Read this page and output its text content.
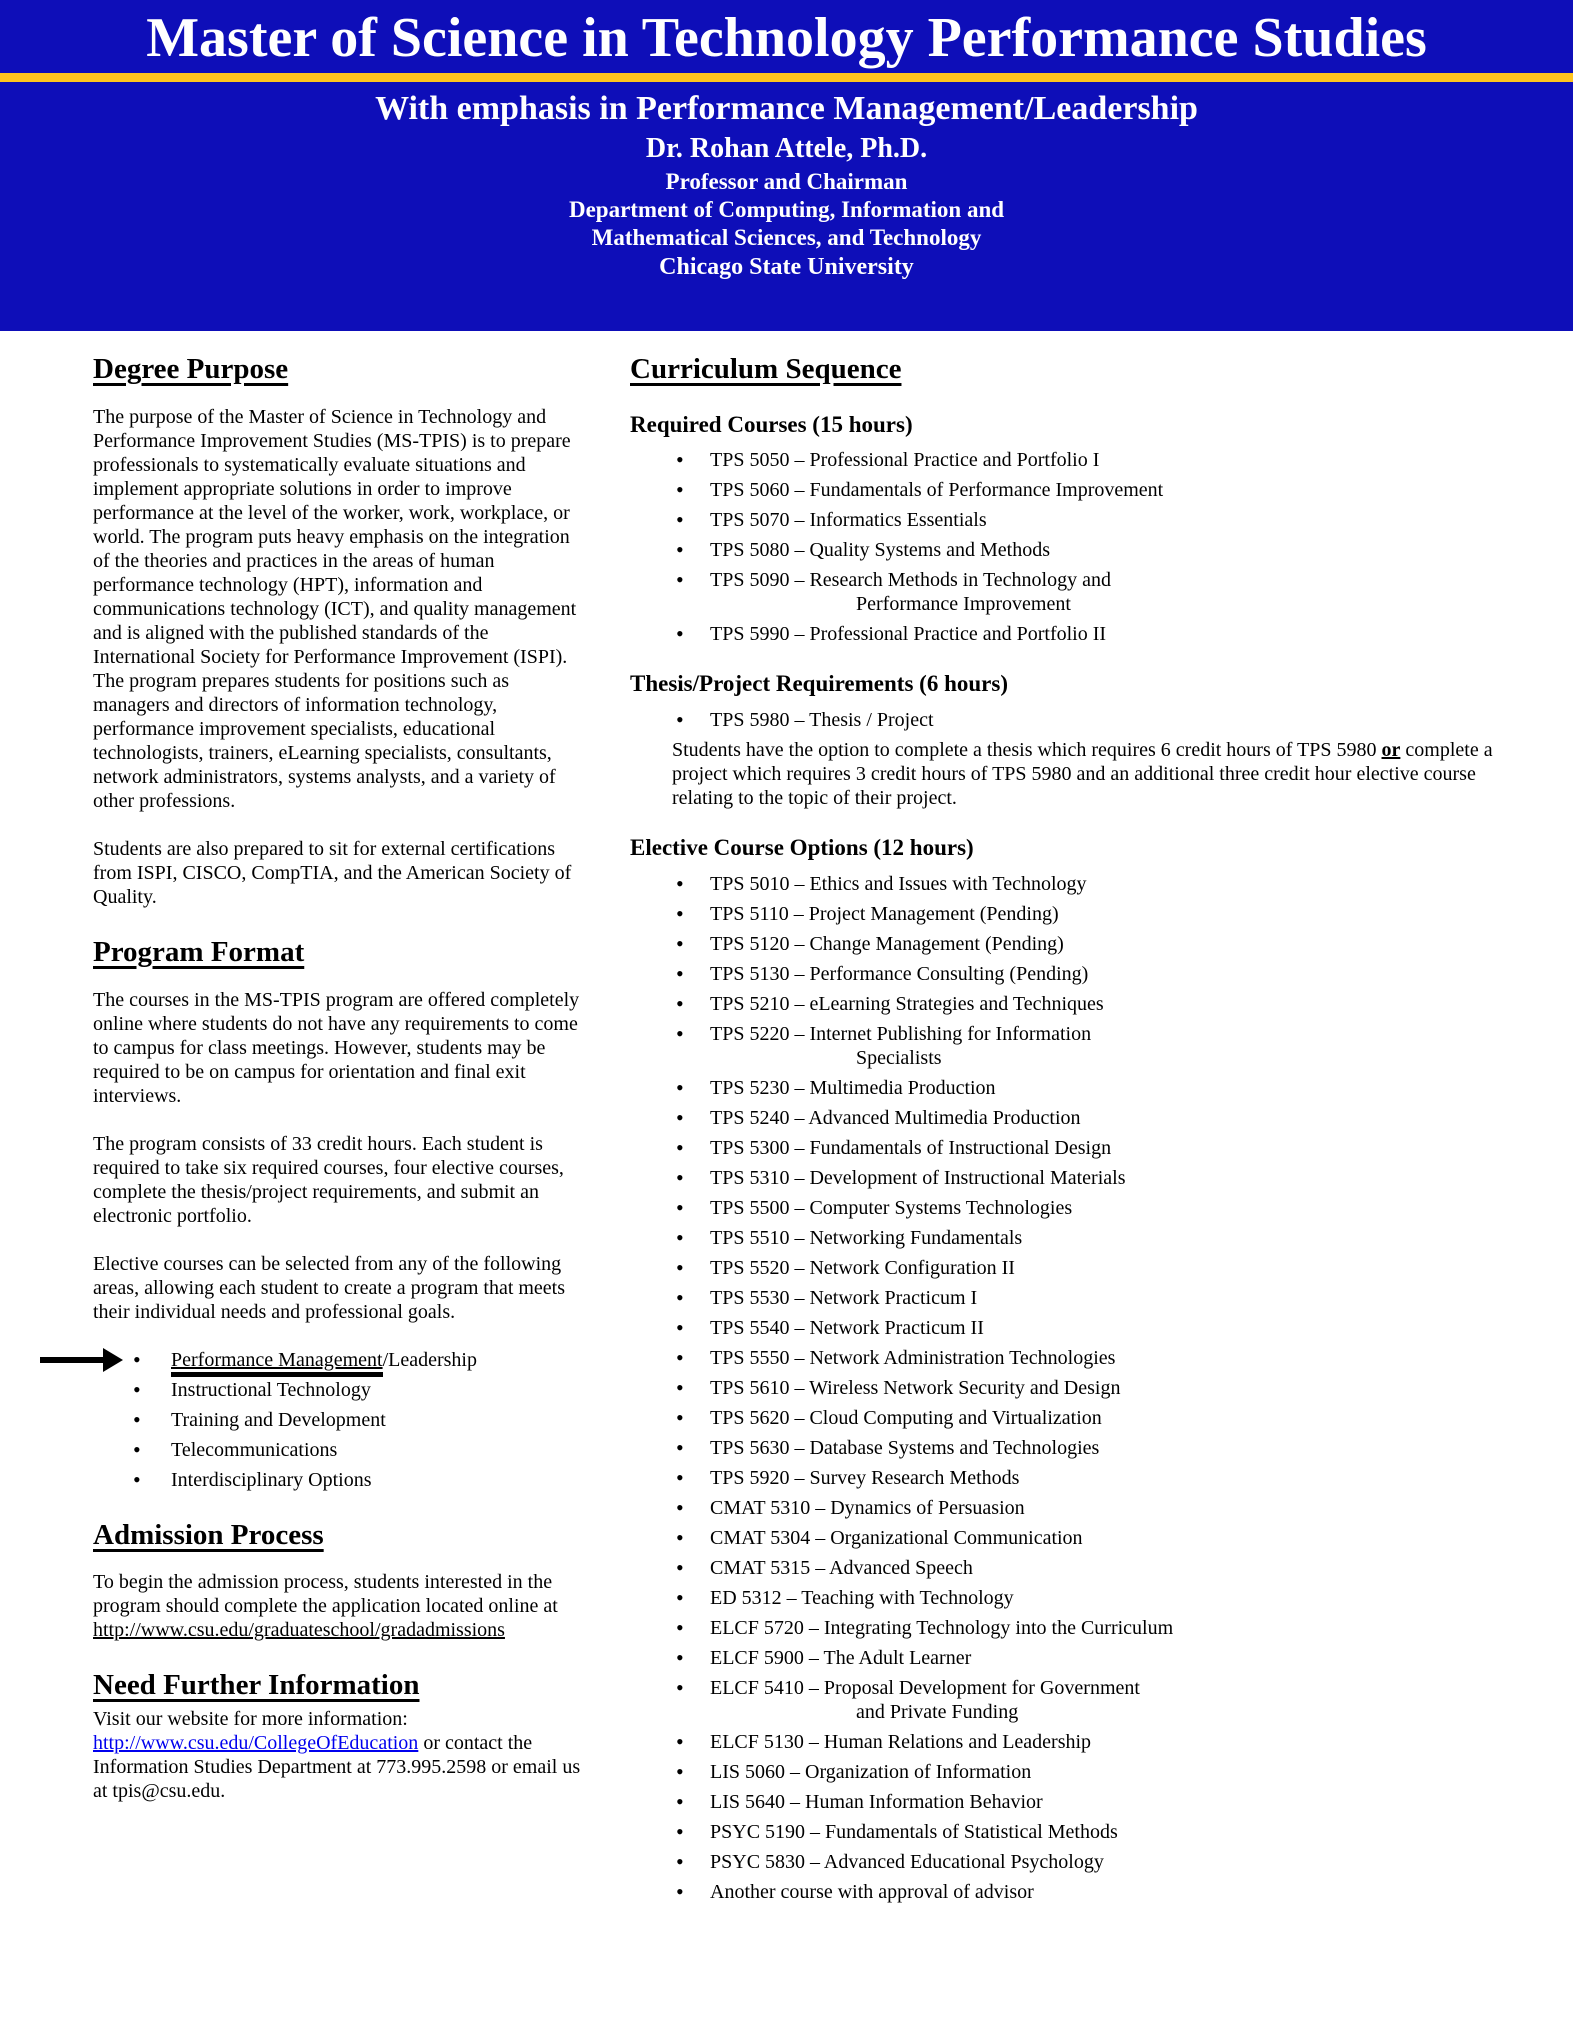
Master of Science in Technology Performance Studies
With emphasis in Performance Management/Leadership
Dr. Rohan Attele, Ph.D.
Professor and Chairman
Department of Computing, Information and
Mathematical Sciences, and Technology
Chicago State University
Degree Purpose

The purpose of the Master of Science in Technology and Performance Improvement Studies (MS-TPIS) is to prepare professionals to systematically evaluate situations and implement appropriate solutions in order to improve performance at the level of the worker, work, workplace, or world. The program puts heavy emphasis on the integration of the theories and practices in the areas of human performance technology (HPT), information and communications technology (ICT), and quality management and is aligned with the published standards of the International Society for Performance Improvement (ISPI). The program prepares students for positions such as managers and directors of information technology, performance improvement specialists, educational technologists, trainers, eLearning specialists, consultants, network administrators, systems analysts, and a variety of other professions.

Students are also prepared to sit for external certifications from ISPI, CISCO, CompTIA, and the American Society of Quality.

Program Format

The courses in the MS-TPIS program are offered completely online where students do not have any requirements to come to campus for class meetings. However, students may be required to be on campus for orientation and final exit interviews.

The program consists of 33 credit hours. Each student is required to take six required courses, four elective courses, complete the thesis/project requirements, and submit an electronic portfolio.

Elective courses can be selected from any of the following areas, allowing each student to create a program that meets their individual needs and professional goals.

• Performance Management/Leadership
• Instructional Technology
• Training and Development
• Telecommunications
• Interdisciplinary Options
Admission Process

To begin the admission process, students interested in the program should complete the application located online at http://www.csu.edu/graduateschool/gradadmissions

Need Further Information

Visit our website for more information:
http://www.csu.edu/CollegeOfEducation or contact the Information Studies Department at 773.995.2598 or email us at tpis@csu.edu.

Curriculum Sequence
Required Courses (15 hours)
• TPS 5050 – Professional Practice and Portfolio I
• TPS 5060 – Fundamentals of Performance Improvement
• TPS 5070 – Informatics Essentials
• TPS 5080 – Quality Systems and Methods
• TPS 5090 – Research Methods in Technology and
Performance Improvement
• TPS 5990 – Professional Practice and Portfolio II
Thesis/Project Requirements (6 hours)
• TPS 5980 – Thesis / Project

Students have the option to complete a thesis which requires 6 credit hours of TPS 5980 or complete a project which requires 3 credit hours of TPS 5980 and an additional three credit hour elective course relating to the topic of their project.

Elective Course Options (12 hours)
• TPS 5010 – Ethics and Issues with Technology
• TPS 5110 – Project Management (Pending)
• TPS 5120 – Change Management (Pending)
• TPS 5130 – Performance Consulting (Pending)
• TPS 5210 – eLearning Strategies and Techniques
• TPS 5220 – Internet Publishing for Information
Specialists
• TPS 5230 – Multimedia Production
• TPS 5240 – Advanced Multimedia Production
• TPS 5300 – Fundamentals of Instructional Design
• TPS 5310 – Development of Instructional Materials
• TPS 5500 – Computer Systems Technologies
• TPS 5510 – Networking Fundamentals
• TPS 5520 – Network Configuration II
• TPS 5530 – Network Practicum I
• TPS 5540 – Network Practicum II
• TPS 5550 – Network Administration Technologies
• TPS 5610 – Wireless Network Security and Design
• TPS 5620 – Cloud Computing and Virtualization
• TPS 5630 – Database Systems and Technologies
• TPS 5920 – Survey Research Methods
• CMAT 5310 – Dynamics of Persuasion
• CMAT 5304 – Organizational Communication
• CMAT 5315 – Advanced Speech
• ED 5312 – Teaching with Technology
• ELCF 5720 – Integrating Technology into the Curriculum
• ELCF 5900 – The Adult Learner
• ELCF 5410 – Proposal Development for Government
and Private Funding
• ELCF 5130 – Human Relations and Leadership
• LIS 5060 – Organization of Information
• LIS 5640 – Human Information Behavior
• PSYC 5190 – Fundamentals of Statistical Methods
• PSYC 5830 – Advanced Educational Psychology
• Another course with approval of advisor
